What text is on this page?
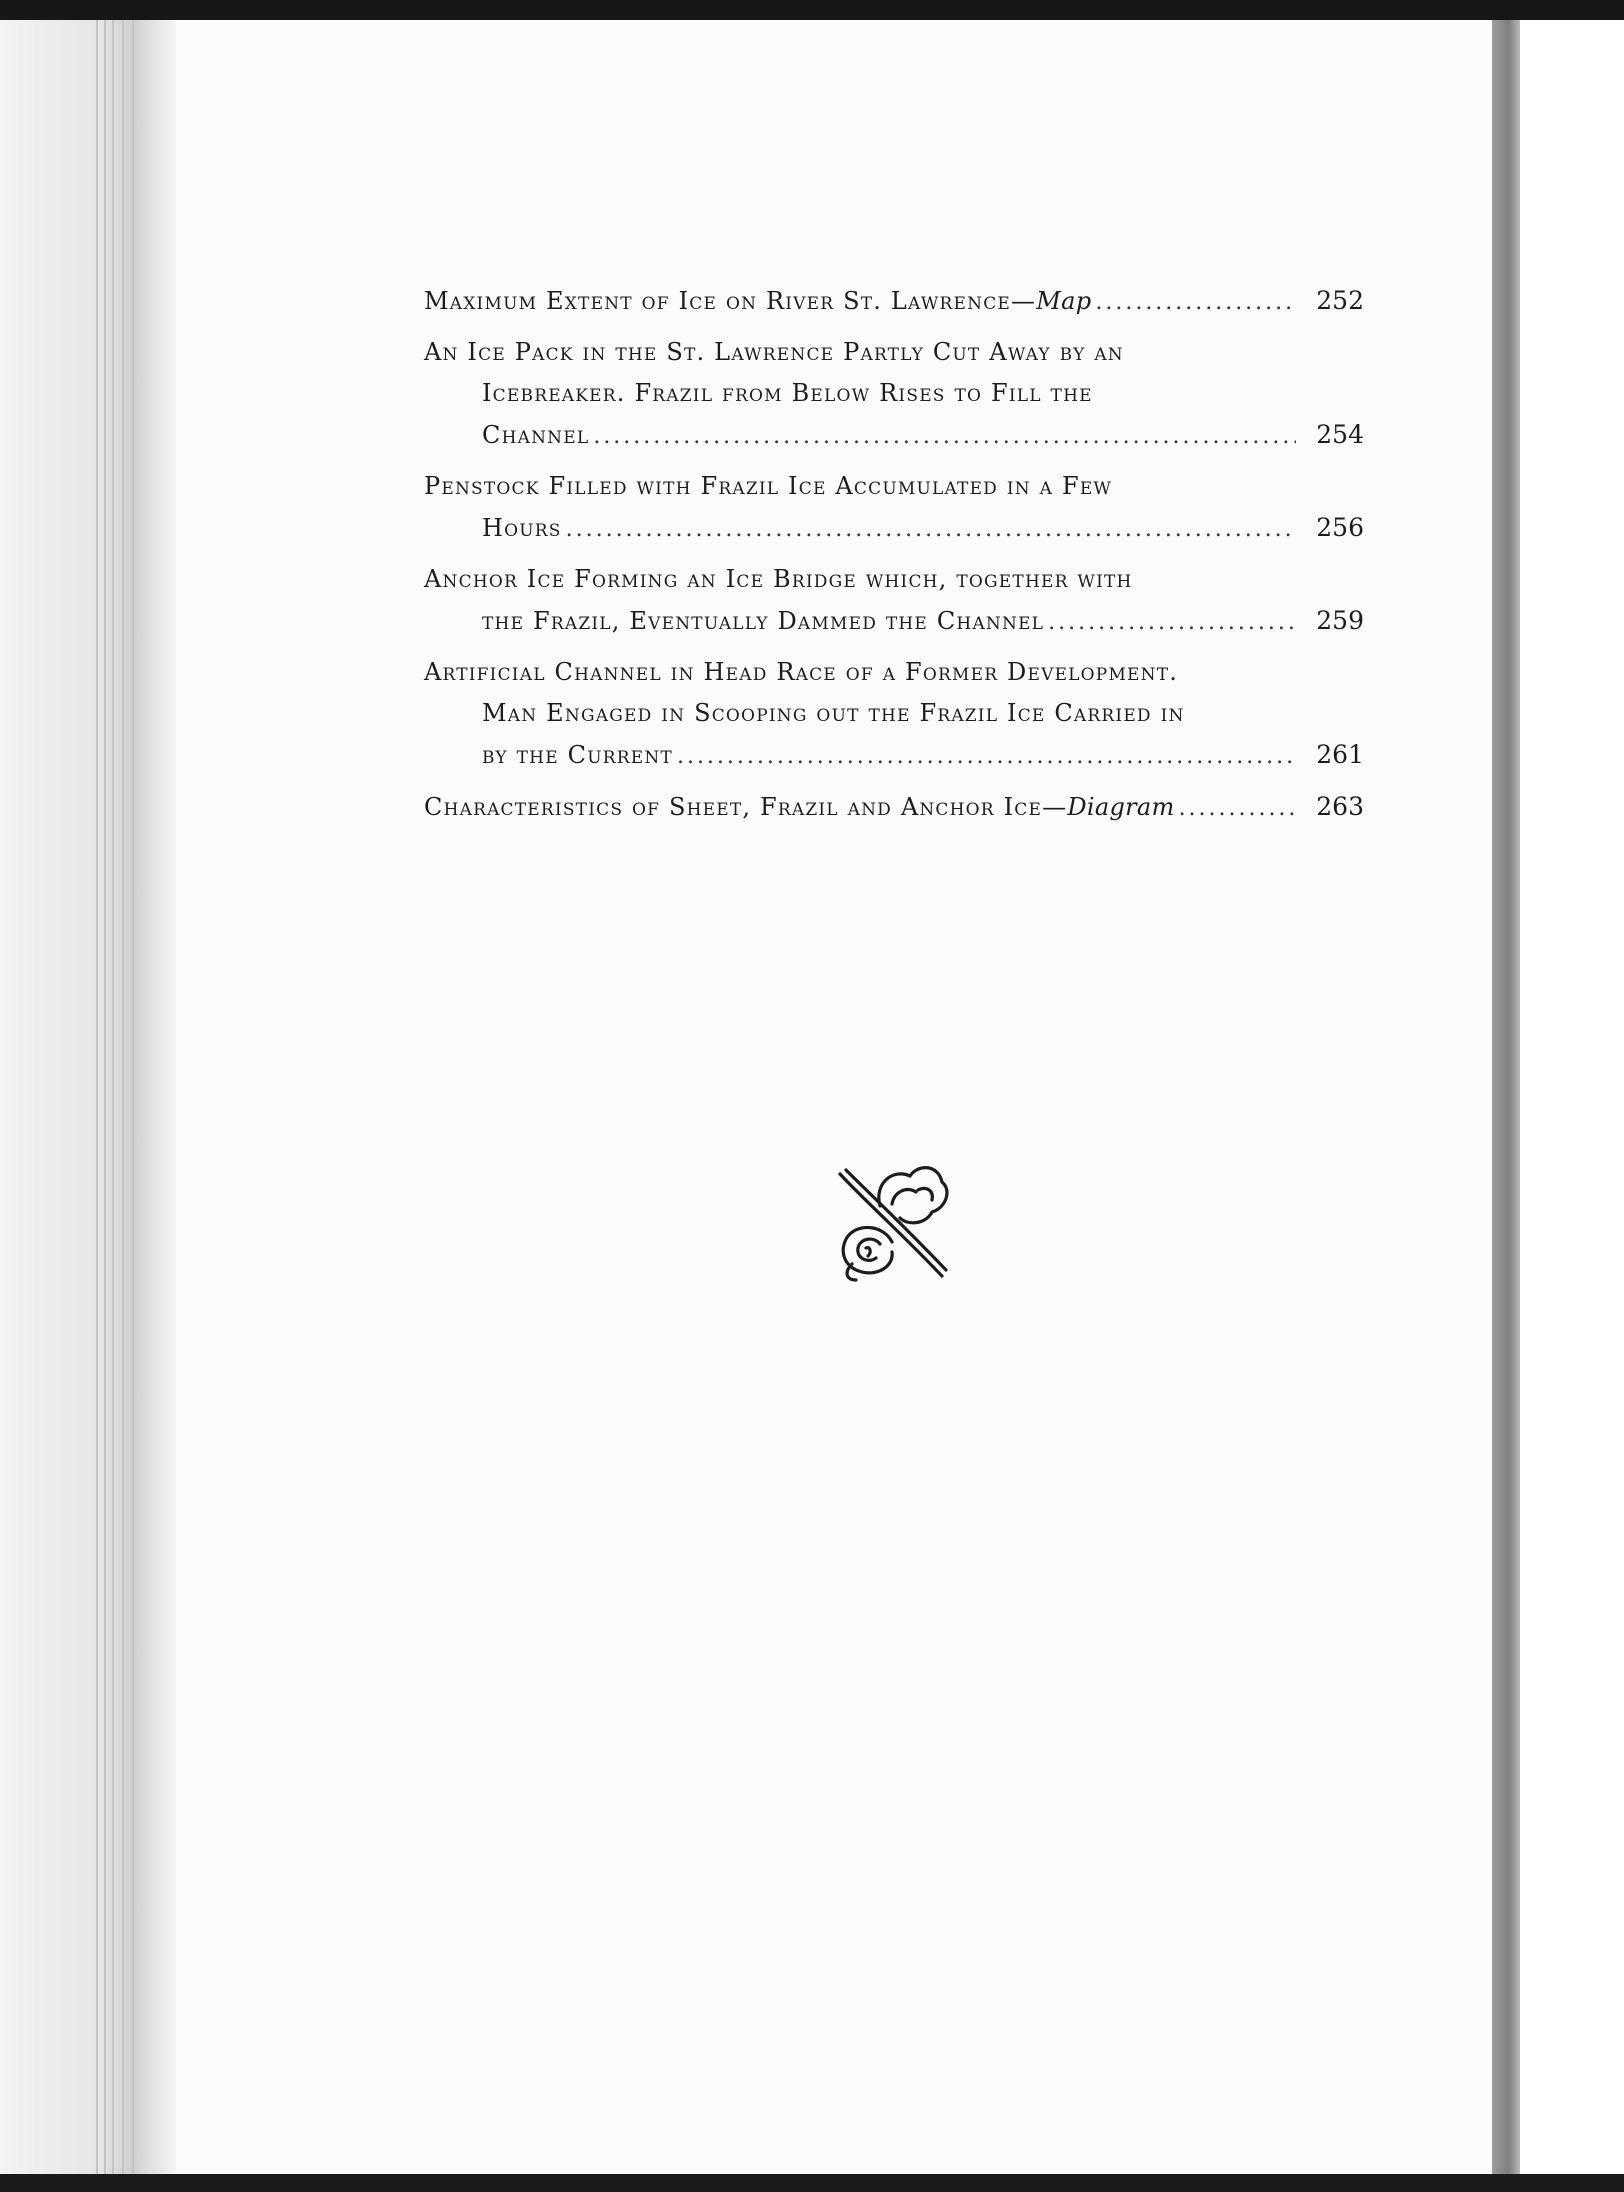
Maximum Extent of Ice on River St. Lawrence—Map . . .	252
An Ice Pack in the St. Lawrence Partly Cut Away by an
Icebreaker. Frazil from Below Rises to Fill the
Channel . . .	254
Penstock Filled with Frazil Ice Accumulated in a Few
Hours . . .	256
Anchor Ice Forming an Ice Bridge which, together with
the Frazil, Eventually Dammed the Channel . . .	259
Artificial Channel in Head Race of a Former Development.
Man Engaged in Scooping out the Frazil Ice Carried in
by the Current . . .	261
Characteristics of Sheet, Frazil and Anchor Ice—Diagram . . .	263
